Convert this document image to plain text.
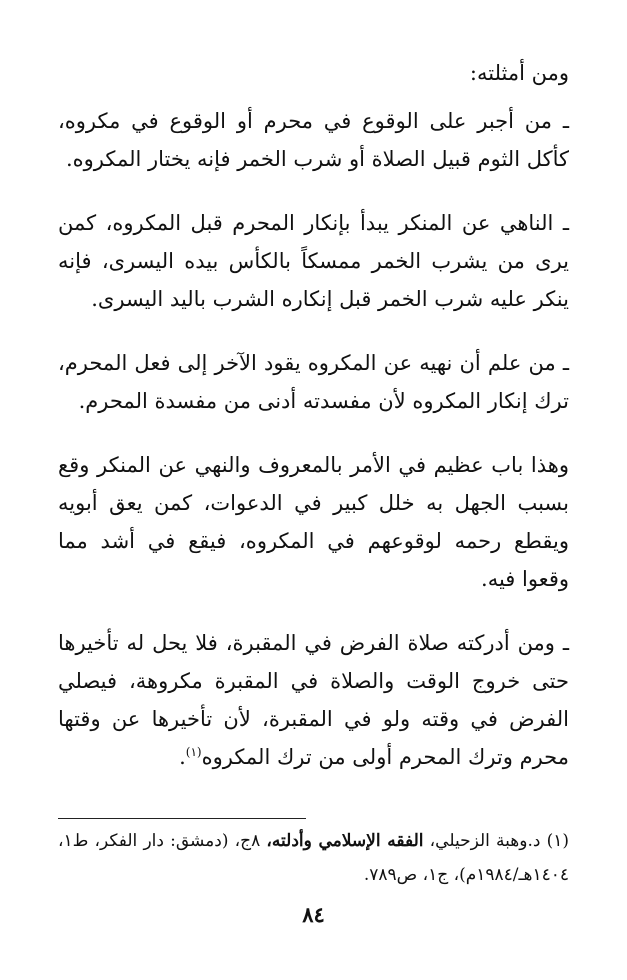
ومن أمثلته:

ـ من أجبر على الوقوع في محرم أو الوقوع في مكروه، كأكل الثوم قبيل الصلاة أو شرب الخمر فإنه يختار المكروه.

ـ الناهي عن المنكر يبدأ بإنكار المحرم قبل المكروه، كمن يرى من يشرب الخمر ممسكاً بالكأس بيده اليسرى، فإنه ينكر عليه شرب الخمر قبل إنكاره الشرب باليد اليسرى.

ـ من علم أن نهيه عن المكروه يقود الآخر إلى فعل المحرم، ترك إنكار المكروه لأن مفسدته أدنى من مفسدة المحرم.

وهذا باب عظيم في الأمر بالمعروف والنهي عن المنكر وقع بسبب الجهل به خلل كبير في الدعوات، كمن يعق أبويه ويقطع رحمه لوقوعهم في المكروه، فيقع في أشد مما وقعوا فيه.

ـ ومن أدركته صلاة الفرض في المقبرة، فلا يحل له تأخيرها حتى خروج الوقت والصلاة في المقبرة مكروهة، فيصلي الفرض في وقته ولو في المقبرة، لأن تأخيرها عن وقتها محرم وترك المحرم أولى من ترك المكروه$^{(١)}$.

(١) د.وهبة الزحيلي، الفقه الإسلامي وأدلته، ٨ج، (دمشق: دار الفكر، ط١، ١٤٠٤هـ/١٩٨٤م)، ج١، ص٧٨٩.
٨٤
